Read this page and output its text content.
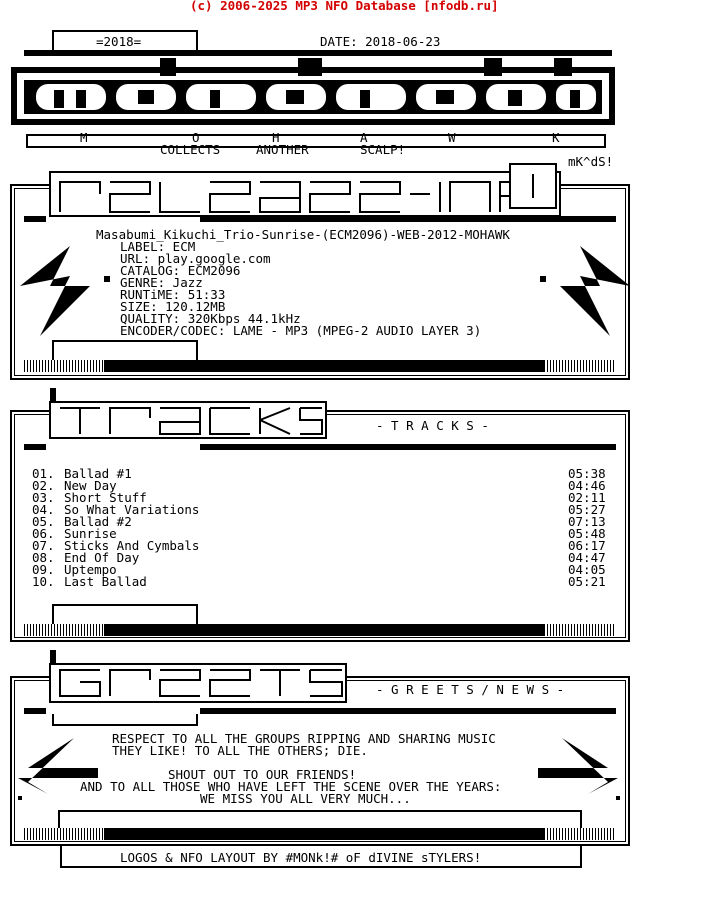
(c) 2006-2025 MP3 NFO Database [nfodb.ru]
=2018=	DATE: 2018-06-23
M	O	H	A	W	K
COLLECTS	ANOTHER	SCALP!
mK^dS!
Masabumi_Kikuchi_Trio-Sunrise-(ECM2096)-WEB-2012-MOHAWK
LABEL: ECM
URL: play.google.com
CATALOG: ECM2096
GENRE: Jazz
RUNTiME: 51:33
SIZE: 120.12MB
QUALITY: 320Kbps 44.1kHz
ENCODER/CODEC: LAME - MP3 (MPEG-2 AUDIO LAYER 3)
- T R A C K S -
01. Ballad #1	05:38
02. New Day	04:46
03. Short Stuff	02:11
04. So What Variations	05:27
05. Ballad #2	07:13
06. Sunrise	05:48
07. Sticks And Cymbals	06:17
08. End Of Day	04:47
09. Uptempo	04:05
10. Last Ballad	05:21
- G R E E T S / N E W S -
RESPECT TO ALL THE GROUPS RIPPING AND SHARING MUSIC
THEY LIKE! TO ALL THE OTHERS; DIE.
SHOUT OUT TO OUR FRIENDS!
AND TO ALL THOSE WHO HAVE LEFT THE SCENE OVER THE YEARS:
WE MISS YOU ALL VERY MUCH...
LOGOS & NFO LAYOUT BY #MONk!# oF dIVINE sTYLERS!
